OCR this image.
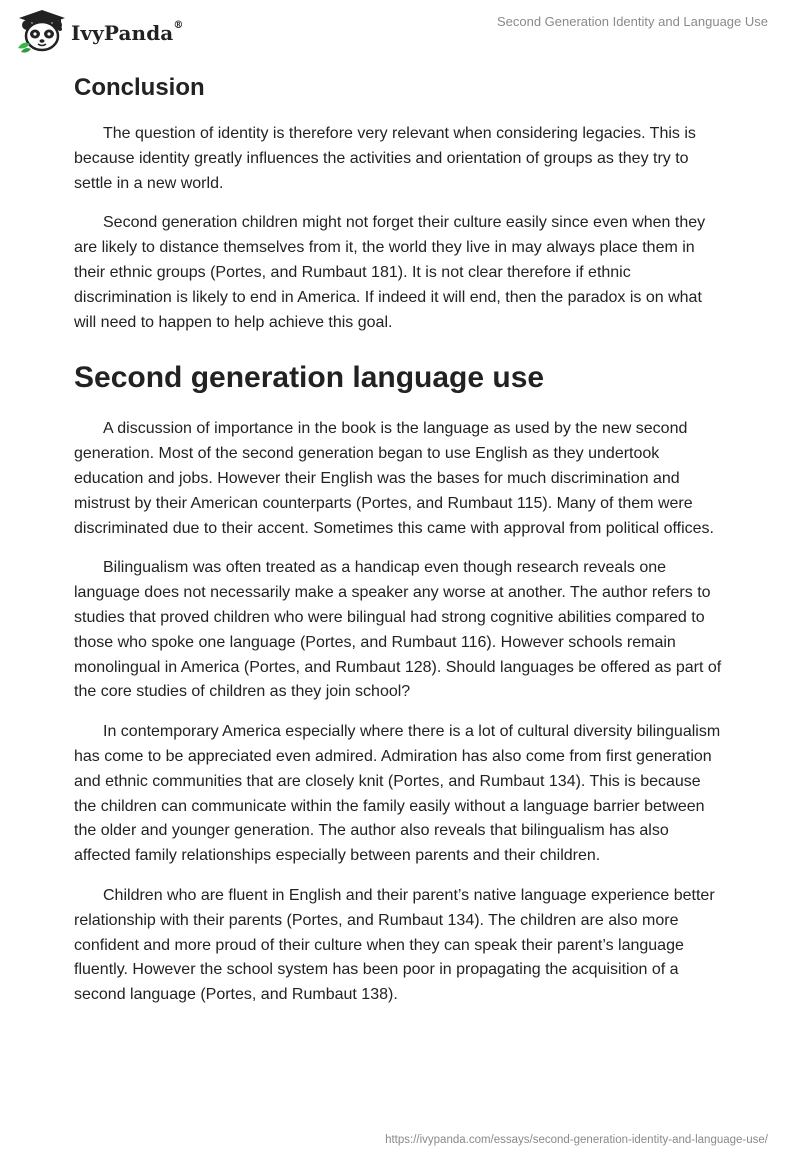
IvyPanda®	Second Generation Identity and Language Use
Conclusion

The question of identity is therefore very relevant when considering legacies. This is because identity greatly influences the activities and orientation of groups as they try to settle in a new world.

Second generation children might not forget their culture easily since even when they are likely to distance themselves from it, the world they live in may always place them in their ethnic groups (Portes, and Rumbaut 181). It is not clear therefore if ethnic discrimination is likely to end in America. If indeed it will end, then the paradox is on what will need to happen to help achieve this goal.

Second generation language use

A discussion of importance in the book is the language as used by the new second generation. Most of the second generation began to use English as they undertook education and jobs. However their English was the bases for much discrimination and mistrust by their American counterparts (Portes, and Rumbaut 115). Many of them were discriminated due to their accent. Sometimes this came with approval from political offices.

Bilingualism was often treated as a handicap even though research reveals one language does not necessarily make a speaker any worse at another. The author refers to studies that proved children who were bilingual had strong cognitive abilities compared to those who spoke one language (Portes, and Rumbaut 116). However schools remain monolingual in America (Portes, and Rumbaut 128). Should languages be offered as part of the core studies of children as they join school?

In contemporary America especially where there is a lot of cultural diversity bilingualism has come to be appreciated even admired. Admiration has also come from first generation and ethnic communities that are closely knit (Portes, and Rumbaut 134). This is because the children can communicate within the family easily without a language barrier between the older and younger generation. The author also reveals that bilingualism has also affected family relationships especially between parents and their children.

Children who are fluent in English and their parent’s native language experience better relationship with their parents (Portes, and Rumbaut 134). The children are also more confident and more proud of their culture when they can speak their parent’s language fluently. However the school system has been poor in propagating the acquisition of a second language (Portes, and Rumbaut 138).

https://ivypanda.com/essays/second-generation-identity-and-language-use/
